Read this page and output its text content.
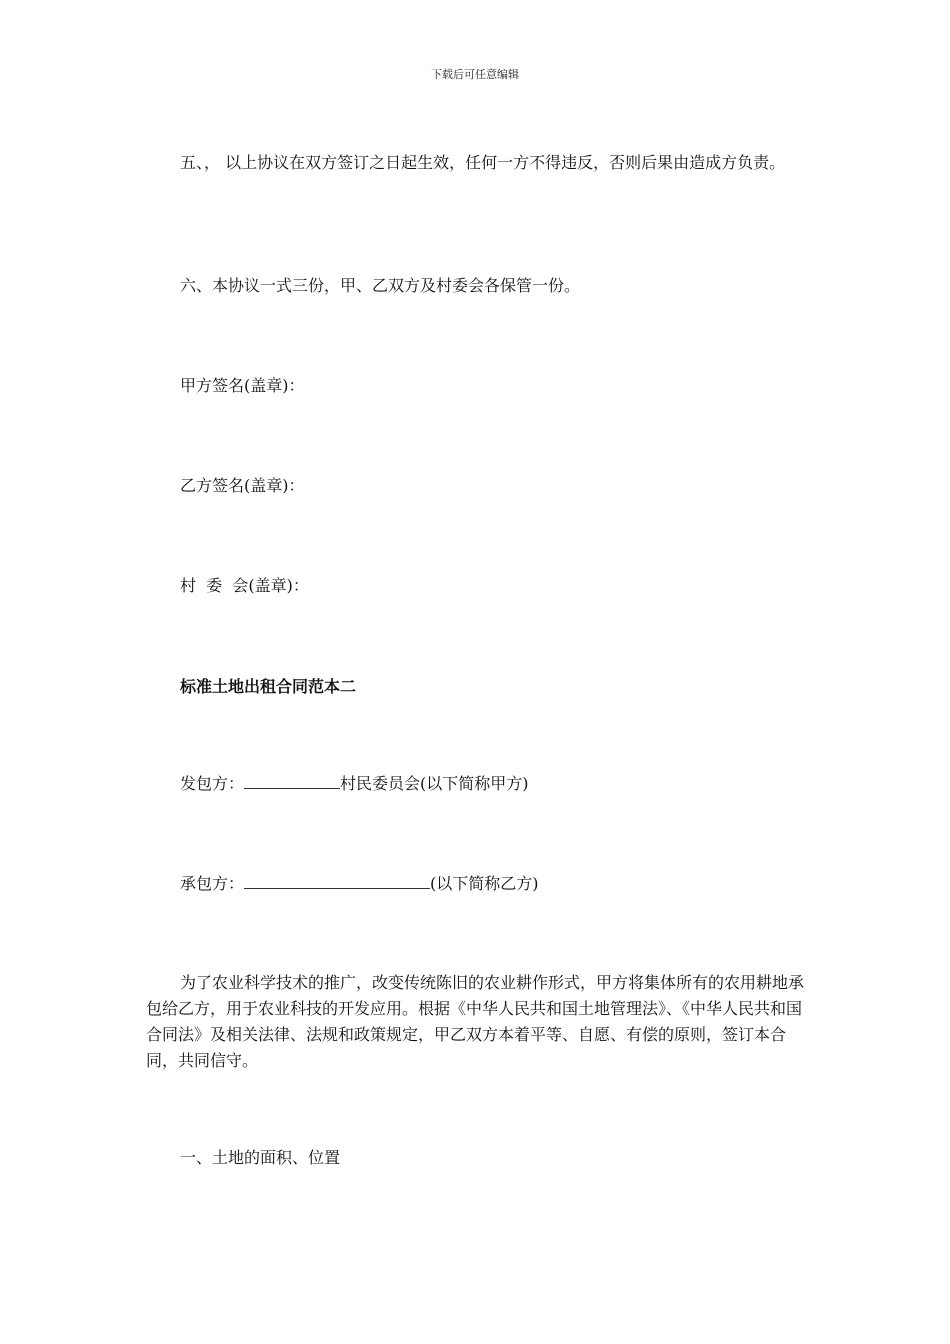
下载后可任意编辑
五、， 以上协议在双方签订之日起生效，任何一方不得违反，否则后果由造成方负责。
六、本协议一式三份，甲、乙双方及村委会各保管一份。
甲方签名(盖章)：
乙方签名(盖章)：
村  委  会(盖章)：
标准土地出租合同范本二
发包方：	村民委员会(以下简称甲方)
承包方：	(以下简称乙方)
为了农业科学技术的推广，改变传统陈旧的农业耕作形式，甲方将集体所有的农用耕地承包给乙方，用于农业科技的开发应用。根据《中华人民共和国土地管理法》、《中华人民共和国合同法》及相关法律、法规和政策规定，甲乙双方本着平等、自愿、有偿的原则，签订本合同，共同信守。
一、土地的面积、位置
